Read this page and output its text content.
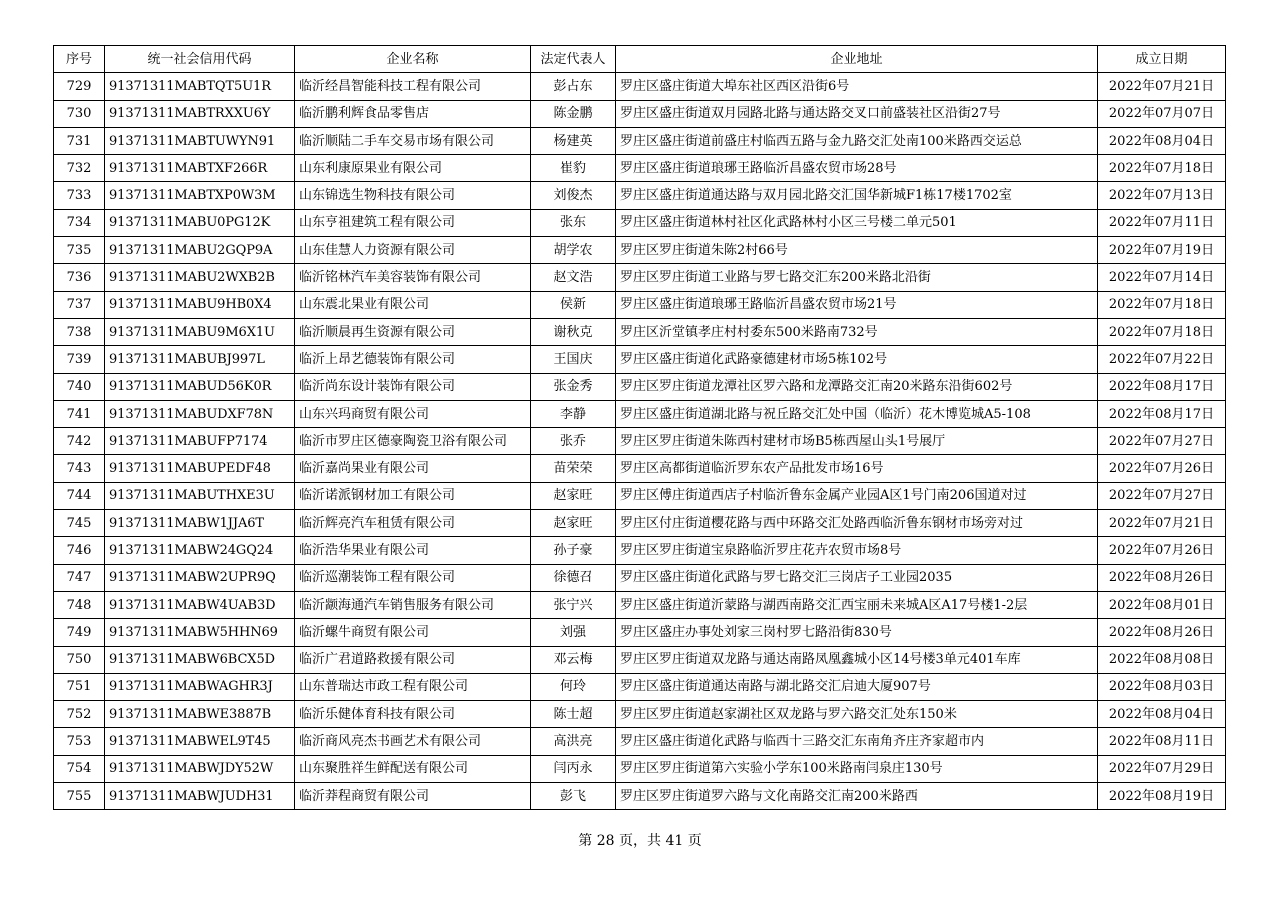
序号	统一社会信用代码	企业名称	法定代表人	企业地址	成立日期
729	91371311MABTQT5U1R	临沂经昌智能科技工程有限公司	彭占东	罗庄区盛庄街道大埠东社区西区沿街6号	2022年07月21日
730	91371311MABTRXXU6Y	临沂鹏利辉食品零售店	陈金鹏	罗庄区盛庄街道双月园路北路与通达路交叉口前盛装社区沿街27号	2022年07月07日
731	91371311MABTUWYN91	临沂顺陆二手车交易市场有限公司	杨建英	罗庄区盛庄街道前盛庄村临西五路与金九路交汇处南100米路西交运总	2022年08月04日
732	91371311MABTXF266R	山东利康原果业有限公司	崔豹	罗庄区盛庄街道琅琊王路临沂昌盛农贸市场28号	2022年07月18日
733	91371311MABTXP0W3M	山东锦选生物科技有限公司	刘俊杰	罗庄区盛庄街道通达路与双月园北路交汇国华新城F1栋17楼1702室	2022年07月13日
734	91371311MABU0PG12K	山东亨祖建筑工程有限公司	张东	罗庄区盛庄街道林村社区化武路林村小区三号楼二单元501	2022年07月11日
735	91371311MABU2GQP9A	山东佳慧人力资源有限公司	胡学农	罗庄区罗庄街道朱陈2村66号	2022年07月19日
736	91371311MABU2WXB2B	临沂铭林汽车美容装饰有限公司	赵文浩	罗庄区罗庄街道工业路与罗七路交汇东200米路北沿街	2022年07月14日
737	91371311MABU9HB0X4	山东震北果业有限公司	侯新	罗庄区盛庄街道琅琊王路临沂昌盛农贸市场21号	2022年07月18日
738	91371311MABU9M6X1U	临沂顺晨再生资源有限公司	谢秋克	罗庄区沂堂镇孝庄村村委东500米路南732号	2022年07月18日
739	91371311MABUBJ997L	临沂上昂艺德装饰有限公司	王国庆	罗庄区盛庄街道化武路豪德建材市场5栋102号	2022年07月22日
740	91371311MABUD56K0R	临沂尚东设计装饰有限公司	张金秀	罗庄区罗庄街道龙潭社区罗六路和龙潭路交汇南20米路东沿街602号	2022年08月17日
741	91371311MABUDXF78N	山东兴玛商贸有限公司	李静	罗庄区盛庄街道湖北路与祝丘路交汇处中国（临沂）花木博览城A5-108	2022年08月17日
742	91371311MABUFP7174	临沂市罗庄区德豪陶瓷卫浴有限公司	张乔	罗庄区罗庄街道朱陈西村建材市场B5栋西屋山头1号展厅	2022年07月27日
743	91371311MABUPEDF48	临沂嘉尚果业有限公司	苗荣荣	罗庄区高都街道临沂罗东农产品批发市场16号	2022年07月26日
744	91371311MABUTHXE3U	临沂诺派钢材加工有限公司	赵家旺	罗庄区傅庄街道西店子村临沂鲁东金属产业园A区1号门南206国道对过	2022年07月27日
745	91371311MABW1JJA6T	临沂辉亮汽车租赁有限公司	赵家旺	罗庄区付庄街道樱花路与西中环路交汇处路西临沂鲁东钢材市场旁对过	2022年07月21日
746	91371311MABW24GQ24	临沂浩华果业有限公司	孙子豪	罗庄区罗庄街道宝泉路临沂罗庄花卉农贸市场8号	2022年07月26日
747	91371311MABW2UPR9Q	临沂巡潮装饰工程有限公司	徐德召	罗庄区盛庄街道化武路与罗七路交汇三岗店子工业园2035	2022年08月26日
748	91371311MABW4UAB3D	临沂颛海通汽车销售服务有限公司	张宁兴	罗庄区盛庄街道沂蒙路与湖西南路交汇西宝丽未来城A区A17号楼1-2层	2022年08月01日
749	91371311MABW5HHN69	临沂螺牛商贸有限公司	刘强	罗庄区盛庄办事处刘家三岗村罗七路沿街830号	2022年08月26日
750	91371311MABW6BCX5D	临沂广君道路救援有限公司	邓云梅	罗庄区罗庄街道双龙路与通达南路凤凰鑫城小区14号楼3单元401车库	2022年08月08日
751	91371311MABWAGHR3J	山东普瑞达市政工程有限公司	何玲	罗庄区盛庄街道通达南路与湖北路交汇启迪大厦907号	2022年08月03日
752	91371311MABWE3887B	临沂乐健体育科技有限公司	陈士超	罗庄区罗庄街道赵家湖社区双龙路与罗六路交汇处东150米	2022年08月04日
753	91371311MABWEL9T45	临沂商风亮杰书画艺术有限公司	高洪亮	罗庄区盛庄街道化武路与临西十三路交汇东南角齐庄齐家超市内	2022年08月11日
754	91371311MABWJDY52W	山东聚胜祥生鲜配送有限公司	闫丙永	罗庄区罗庄街道第六实验小学东100米路南闫泉庄130号	2022年07月29日
755	91371311MABWJUDH31	临沂莽程商贸有限公司	彭飞	罗庄区罗庄街道罗六路与文化南路交汇南200米路西	2022年08月19日
第 28 页，共 41 页
